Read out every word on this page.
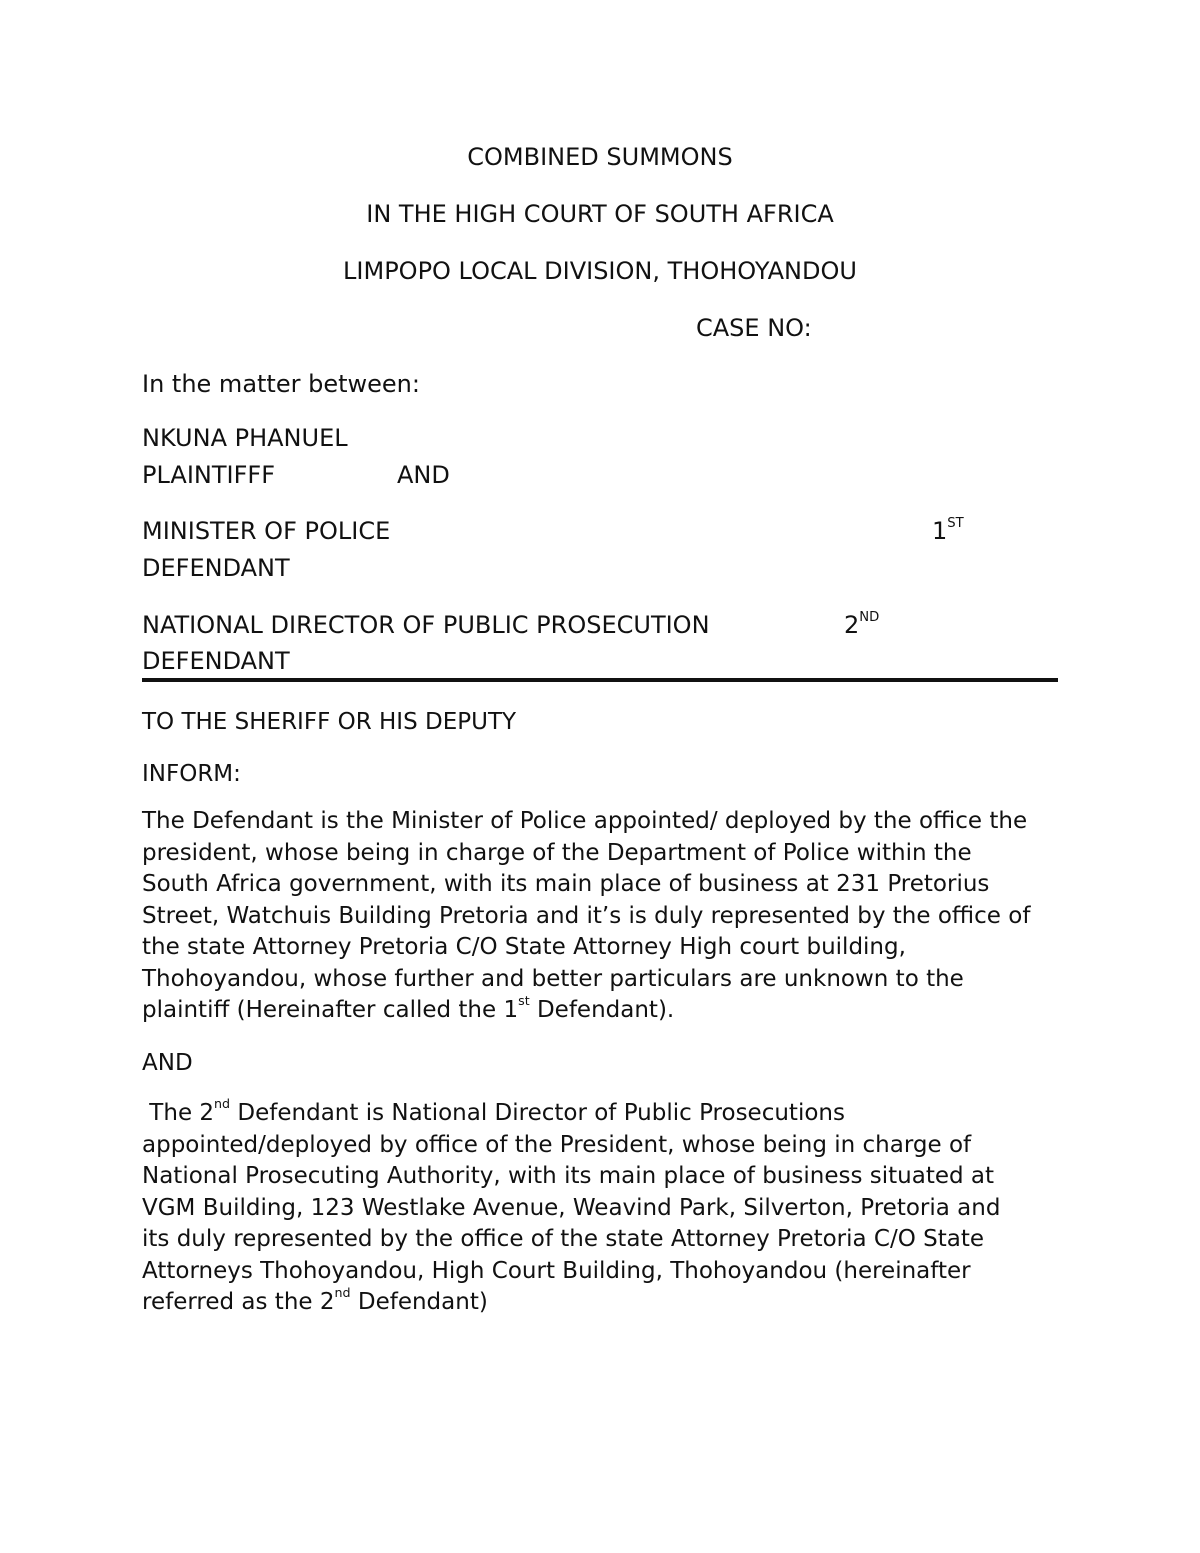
COMBINED SUMMONS

IN THE HIGH COURT OF SOUTH AFRICA

LIMPOPO LOCAL DIVISION, THOHOYANDOU

CASE NO:

In the matter between:

NKUNA PHANUEL

PLAINTIFFF	AND

MINISTER OF POLICE	1ST

DEFENDANT

NATIONAL DIRECTOR OF PUBLIC PROSECUTION	2ND

DEFENDANT

TO THE SHERIFF OR HIS DEPUTY

INFORM:

The Defendant is the Minister of Police appointed/ deployed by the office the
president, whose being in charge of the Department of Police within the
South Africa government, with its main place of business at 231 Pretorius
Street, Watchuis Building Pretoria and it’s is duly represented by the office of
the state Attorney Pretoria C/O State Attorney High court building,
Thohoyandou, whose further and better particulars are unknown to the
plaintiff (Hereinafter called the 1st Defendant).

AND

The 2nd Defendant is National Director of Public Prosecutions
appointed/deployed by office of the President, whose being in charge of
National Prosecuting Authority, with its main place of business situated at
VGM Building, 123 Westlake Avenue, Weavind Park, Silverton, Pretoria and
its duly represented by the office of the state Attorney Pretoria C/O State
Attorneys Thohoyandou, High Court Building, Thohoyandou (hereinafter
referred as the 2nd Defendant)
